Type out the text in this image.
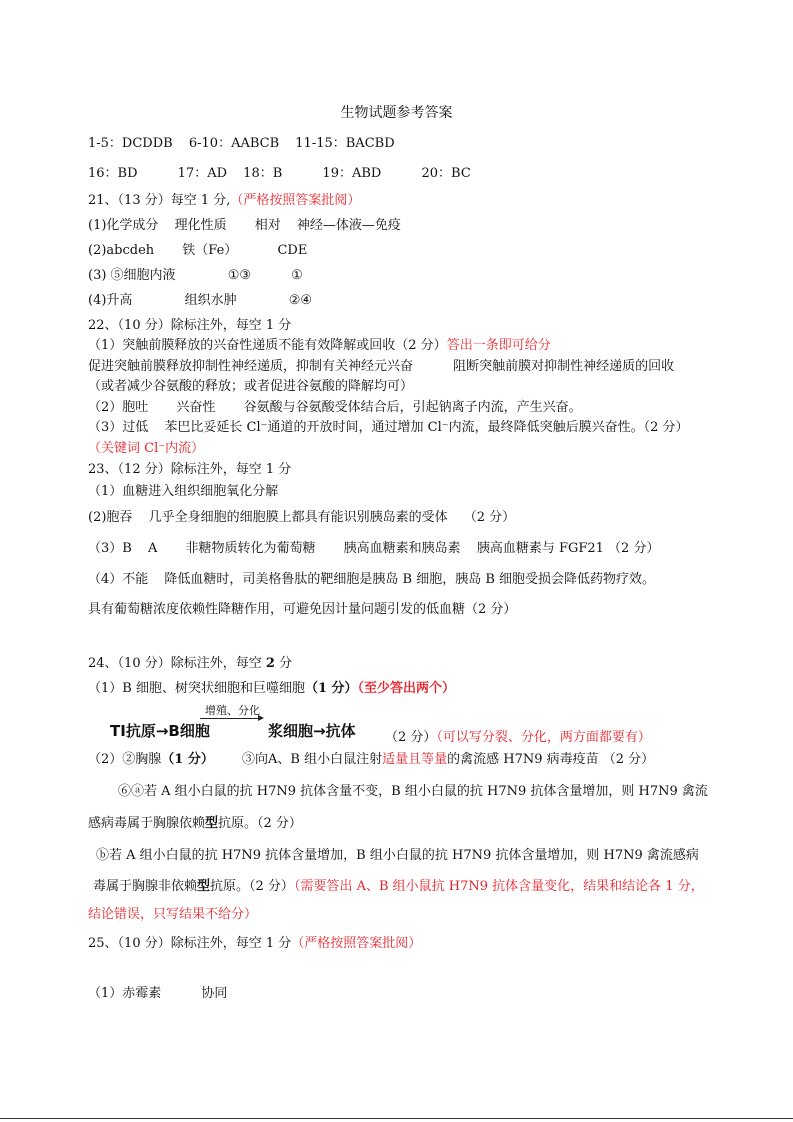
生物试题参考答案
1-5：DCDDB 6-10：AABCB 11-15：BACBD
16：BD	17：AD 18：B	19：ABD	20：BC
21、（13 分）每空 1 分,（严格按照答案批阅）
(1)化学成分 理化性质 相对 神经—体液—免疫
(2)abcdeh 铁（Fe）	CDE
(3) ⑤细胞内液	①③	①
(4)升高	组织水肿	②④
22、（10 分）除标注外，每空 1 分
（1）突触前膜释放的兴奋性递质不能有效降解或回收（2 分）答出一条即可给分
促进突触前膜释放抑制性神经递质，抑制有关神经元兴奋	阻断突触前膜对抑制性神经递质的回收
（或者减少谷氨酸的释放；或者促进谷氨酸的降解均可）
（2）胞吐 兴奋性 谷氨酸与谷氨酸受体结合后，引起钠离子内流，产生兴奋。
（3）过低 苯巴比妥延长 Cl⁻通道的开放时间，通过增加 Cl⁻内流，最终降低突触后膜兴奋性。（2 分）
（关键词 Cl⁻内流）
23、（12 分）除标注外，每空 1 分
（1）血糖进入组织细胞氧化分解
(2)胞吞 几乎全身细胞的细胞膜上都具有能识别胰岛素的受体 （2 分）
（3）B A 非糖物质转化为葡萄糖 胰高血糖素和胰岛素 胰高血糖素与 FGF21 （2 分）
（4）不能 降低血糖时，司美格鲁肽的靶细胞是胰岛 B 细胞，胰岛 B 细胞受损会降低药物疗效。
具有葡萄糖浓度依赖性降糖作用，可避免因计量问题引发的低血糖（2 分）
24、（10 分）除标注外，每空 2 分
（1）B 细胞、树突状细胞和巨噬细胞（1 分）（至少答出两个）
TI抗原→B细胞
增殖、分化
浆细胞→抗体 （2 分）（可以写分裂、分化，两方面都要有）
（2）②胸腺（1 分） ③向A、B 组小白鼠注射适量且等量的禽流感 H7N9 病毒疫苗 （2 分）
⑥ⓐ若 A 组小白鼠的抗 H7N9 抗体含量不变，B 组小白鼠的抗 H7N9 抗体含量增加，则 H7N9 禽流
感病毒属于胸腺依赖型抗原。（2 分）
ⓑ若 A 组小白鼠的抗 H7N9 抗体含量增加，B 组小白鼠的抗 H7N9 抗体含量增加，则 H7N9 禽流感病
毒属于胸腺非依赖型抗原。（2 分）（需要答出 A、B 组小鼠抗 H7N9 抗体含量变化，结果和结论各 1 分，
结论错误，只写结果不给分）
25、（10 分）除标注外，每空 1 分（严格按照答案批阅）
（1）赤霉素	协同
